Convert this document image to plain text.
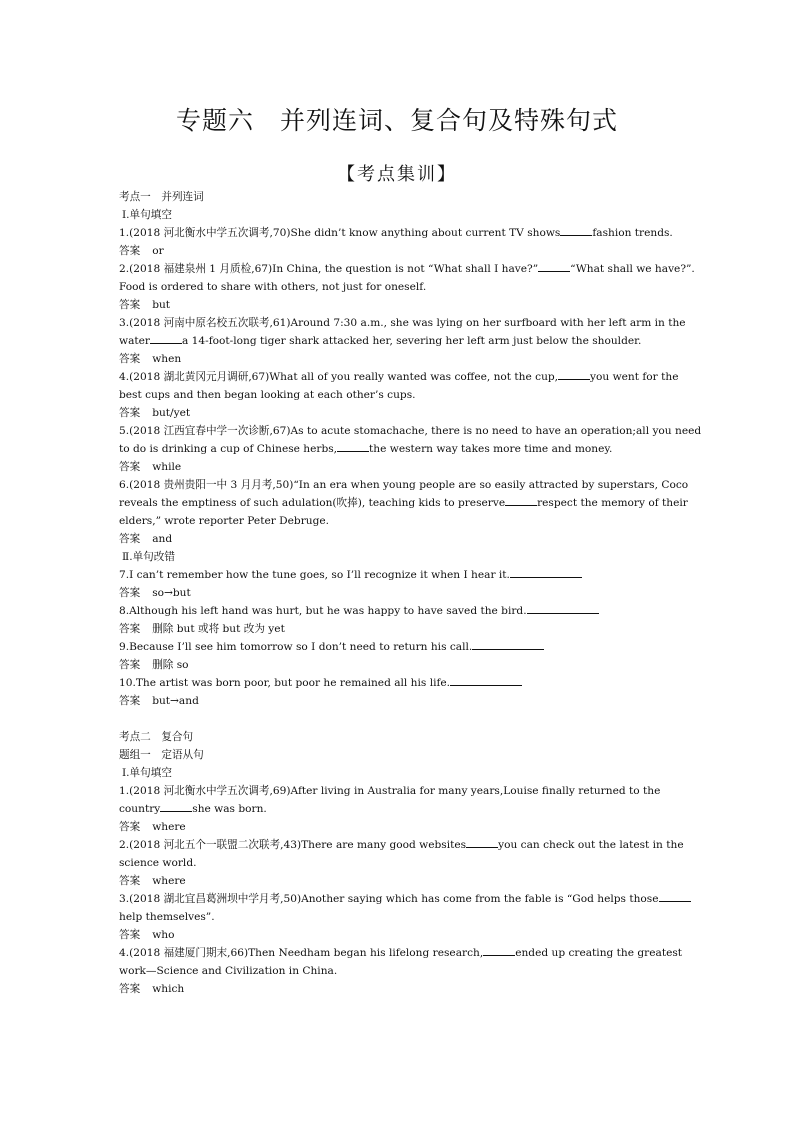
专题六　并列连词、复合句及特殊句式
【考点集训】
考点一　并列连词
Ⅰ.单句填空
1.(2018 河北衡水中学五次调考,70)She didn’t know anything about current TV shows	fashion trends.
答案 or
2.(2018 福建泉州 1 月质检,67)In China, the question is not “What shall I have?”	“What shall we have?”.
Food is ordered to share with others, not just for oneself.
答案 but
3.(2018 河南中原名校五次联考,61)Around 7:30 a.m., she was lying on her surfboard with her left arm in the
water	a 14-foot-long tiger shark attacked her, severing her left arm just below the shoulder.
答案 when
4.(2018 湖北黄冈元月调研,67)What all of you really wanted was coffee, not the cup,	you went for the
best cups and then began looking at each other’s cups.
答案 but/yet
5.(2018 江西宜春中学一次诊断,67)As to acute stomachache, there is no need to have an operation;all you need
to do is drinking a cup of Chinese herbs,	the western way takes more time and money.
答案 while
6.(2018 贵州贵阳一中 3 月月考,50)“In an era when young people are so easily attracted by superstars, Coco
reveals the emptiness of such adulation(吹捧), teaching kids to preserve	respect the memory of their
elders,” wrote reporter Peter Debruge.
答案 and
Ⅱ.单句改错
7.I can’t remember how the tune goes, so I’ll recognize it when I hear it.
答案 so→but
8.Although his left hand was hurt, but he was happy to have saved the bird.
答案 删除 but 或将 but 改为 yet
9.Because I’ll see him tomorrow so I don’t need to return his call.
答案 删除 so
10.The artist was born poor, but poor he remained all his life.
答案 but→and
考点二　复合句
题组一　定语从句
Ⅰ.单句填空
1.(2018 河北衡水中学五次调考,69)After living in Australia for many years,Louise finally returned to the
country	she was born.
答案 where
2.(2018 河北五个一联盟二次联考,43)There are many good websites	you can check out the latest in the
science world.
答案 where
3.(2018 湖北宜昌葛洲坝中学月考,50)Another saying which has come from the fable is “God helps those
help themselves”.
答案 who
4.(2018 福建厦门期末,66)Then Needham began his lifelong research,	ended up creating the greatest
work—Science and Civilization in China.
答案 which
